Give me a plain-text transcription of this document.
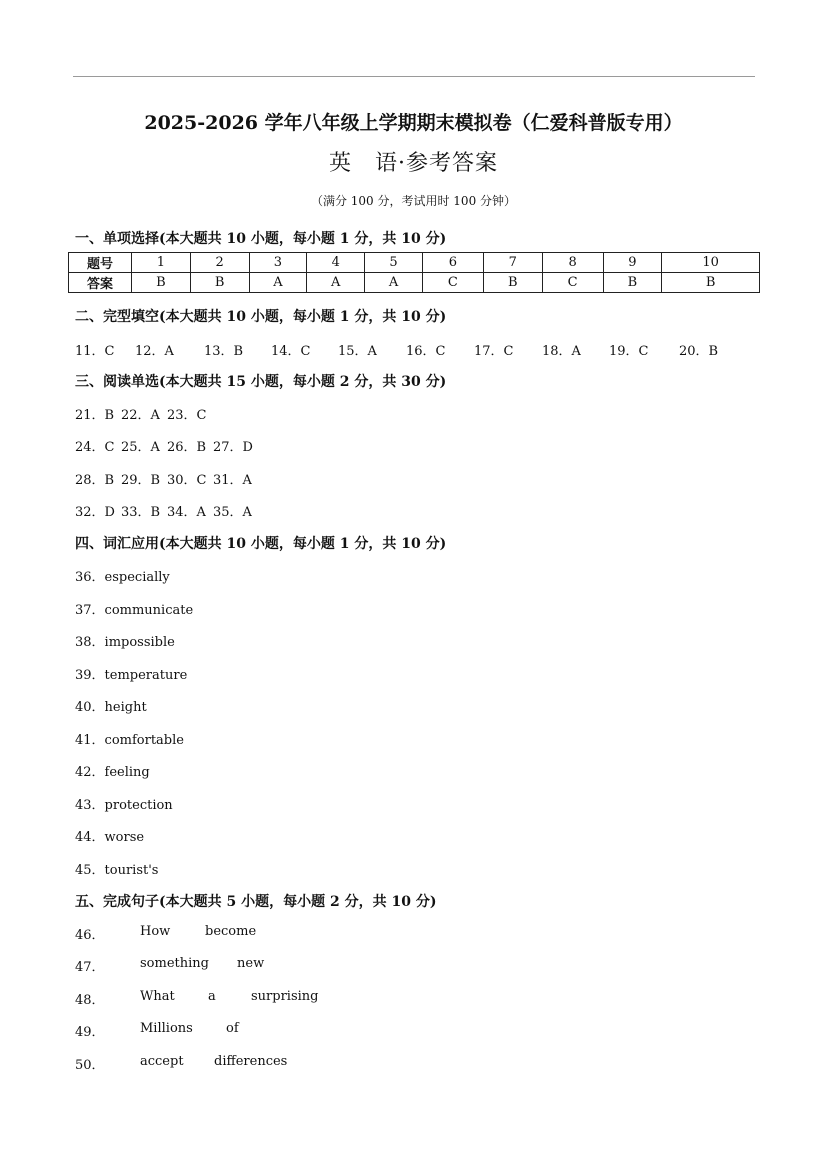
2025-2026 学年八年级上学期期末模拟卷（仁爱科普版专用）
英　语·参考答案
（满分 100 分，考试用时 100 分钟）
一、单项选择(本大题共 10 小题，每小题 1 分，共 10 分)
题号	1	2	3	4	5	6	7	8	9	10
答案	B	B	A	A	A	C	B	C	B	B
二、完型填空(本大题共 10 小题，每小题 1 分，共 10 分)
11．C 12．A 13．B 14．C 15．A 16．C 17．C 18．A 19．C 20．B
三、阅读单选(本大题共 15 小题，每小题 2 分，共 30 分)
21．B 22．A 23．C
24．C 25．A 26．B 27．D
28．B 29．B 30．C 31．A
32．D 33．B 34．A 35．A
四、词汇应用(本大题共 10 小题，每小题 1 分，共 10 分)
36．especially
37．communicate
38．impossible
39．temperature
40．height
41．comfortable
42．feeling
43．protection
44．worse
45．tourist's
五、完成句子(本大题共 5 小题，每小题 2 分，共 10 分)
46．	How	become
47．	something new
48．	What	a	surprising
49．	Millions	of
50．	accept differences
